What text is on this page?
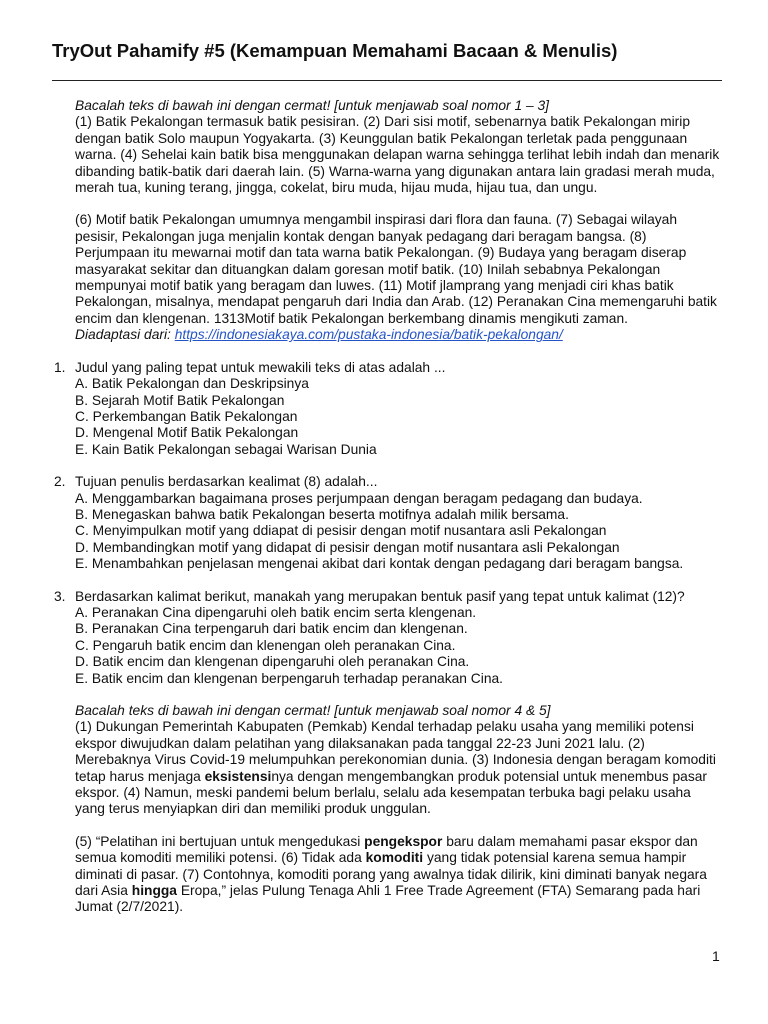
TryOut Pahamify #5 (Kemampuan Memahami Bacaan & Menulis)

Bacalah teks di bawah ini dengan cermat! [untuk menjawab soal nomor 1 – 3]

(1) Batik Pekalongan termasuk batik pesisiran. (2) Dari sisi motif, sebenarnya batik Pekalongan mirip dengan batik Solo maupun Yogyakarta. (3) Keunggulan batik Pekalongan terletak pada penggunaan warna. (4) Sehelai kain batik bisa menggunakan delapan warna sehingga terlihat lebih indah dan menarik dibanding batik-batik dari daerah lain. (5) Warna-warna yang digunakan antara lain gradasi merah muda, merah tua, kuning terang, jingga, cokelat, biru muda, hijau muda, hijau tua, dan ungu.

(6) Motif batik Pekalongan umumnya mengambil inspirasi dari flora dan fauna. (7) Sebagai wilayah pesisir, Pekalongan juga menjalin kontak dengan banyak pedagang dari beragam bangsa. (8) Perjumpaan itu mewarnai motif dan tata warna batik Pekalongan. (9) Budaya yang beragam diserap masyarakat sekitar dan dituangkan dalam goresan motif batik. (10) Inilah sebabnya Pekalongan mempunyai motif batik yang beragam dan luwes. (11) Motif jlamprang yang menjadi ciri khas batik Pekalongan, misalnya, mendapat pengaruh dari India dan Arab. (12) Peranakan Cina memengaruhi batik encim dan klengenan. 1313Motif batik Pekalongan berkembang dinamis mengikuti zaman.

Diadaptasi dari: https://indonesiakaya.com/pustaka-indonesia/batik-pekalongan/

1. Judul yang paling tepat untuk mewakili teks di atas adalah ...

A. Batik Pekalongan dan Deskripsinya

B. Sejarah Motif Batik Pekalongan

C. Perkembangan Batik Pekalongan

D. Mengenal Motif Batik Pekalongan

E. Kain Batik Pekalongan sebagai Warisan Dunia

2. Tujuan penulis berdasarkan kealimat (8) adalah...

A. Menggambarkan bagaimana proses perjumpaan dengan beragam pedagang dan budaya.

B. Menegaskan bahwa batik Pekalongan beserta motifnya adalah milik bersama.

C. Menyimpulkan motif yang ddiapat di pesisir dengan motif nusantara asli Pekalongan

D. Membandingkan motif yang didapat di pesisir dengan motif nusantara asli Pekalongan

E. Menambahkan penjelasan mengenai akibat dari kontak dengan pedagang dari beragam bangsa.

3. Berdasarkan kalimat berikut, manakah yang merupakan bentuk pasif yang tepat untuk kalimat (12)?

A. Peranakan Cina dipengaruhi oleh batik encim serta klengenan.

B. Peranakan Cina terpengaruh dari batik encim dan klengenan.

C. Pengaruh batik encim dan klenengan oleh peranakan Cina.

D. Batik encim dan klengenan dipengaruhi oleh peranakan Cina.

E. Batik encim dan klengenan berpengaruh terhadap peranakan Cina.

Bacalah teks di bawah ini dengan cermat! [untuk menjawab soal nomor 4 & 5]

(1) Dukungan Pemerintah Kabupaten (Pemkab) Kendal terhadap pelaku usaha yang memiliki potensi ekspor diwujudkan dalam pelatihan yang dilaksanakan pada tanggal 22-23 Juni 2021 lalu. (2) Merebaknya Virus Covid-19 melumpuhkan perekonomian dunia. (3) Indonesia dengan beragam komoditi tetap harus menjaga eksistensinya dengan mengembangkan produk potensial untuk menembus pasar ekspor. (4) Namun, meski pandemi belum berlalu, selalu ada kesempatan terbuka bagi pelaku usaha yang terus menyiapkan diri dan memiliki produk unggulan.

(5) “Pelatihan ini bertujuan untuk mengedukasi pengekspor baru dalam memahami pasar ekspor dan semua komoditi memiliki potensi. (6) Tidak ada komoditi yang tidak potensial karena semua hampir diminati di pasar. (7) Contohnya, komoditi porang yang awalnya tidak dilirik, kini diminati banyak negara dari Asia hingga Eropa,” jelas Pulung Tenaga Ahli 1 Free Trade Agreement (FTA) Semarang pada hari Jumat (2/7/2021).

1
